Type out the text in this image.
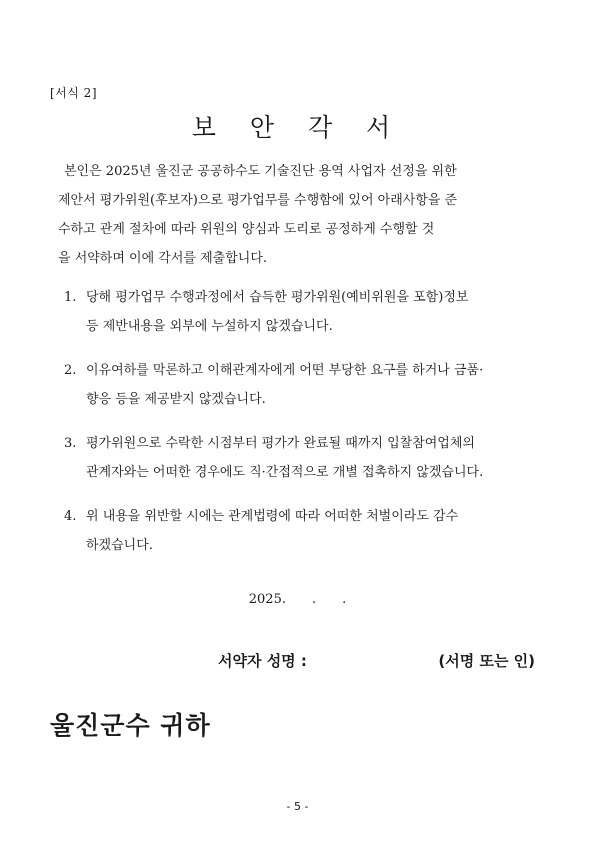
[서식 2]
보 안 각 서
본인은 2025년 울진군 공공하수도 기술진단 용역 사업자 선정을 위한
제안서 평가위원(후보자)으로 평가업무를 수행함에 있어 아래사항을 준
수하고 관계 절차에 따라 위원의 양심과 도리로 공정하게 수행할 것
을 서약하며 이에 각서를 제출합니다.
1. 당해 평가업무 수행과정에서 습득한 평가위원(예비위원을 포함)정보
등 제반내용을 외부에 누설하지 않겠습니다.
2. 이유여하를 막론하고 이해관계자에게 어떤 부당한 요구를 하거나 금품·
향응 등을 제공받지 않겠습니다.
3. 평가위원으로 수락한 시점부터 평가가 완료될 때까지 입찰참여업체의
관계자와는 어떠한 경우에도 직·간접적으로 개별 접촉하지 않겠습니다.
4. 위 내용을 위반할 시에는 관계법령에 따라 어떠한 처벌이라도 감수
하겠습니다.
2025.　　.　　.
서약자 성명 :	(서명 또는 인)
울진군수 귀하
- 5 -
